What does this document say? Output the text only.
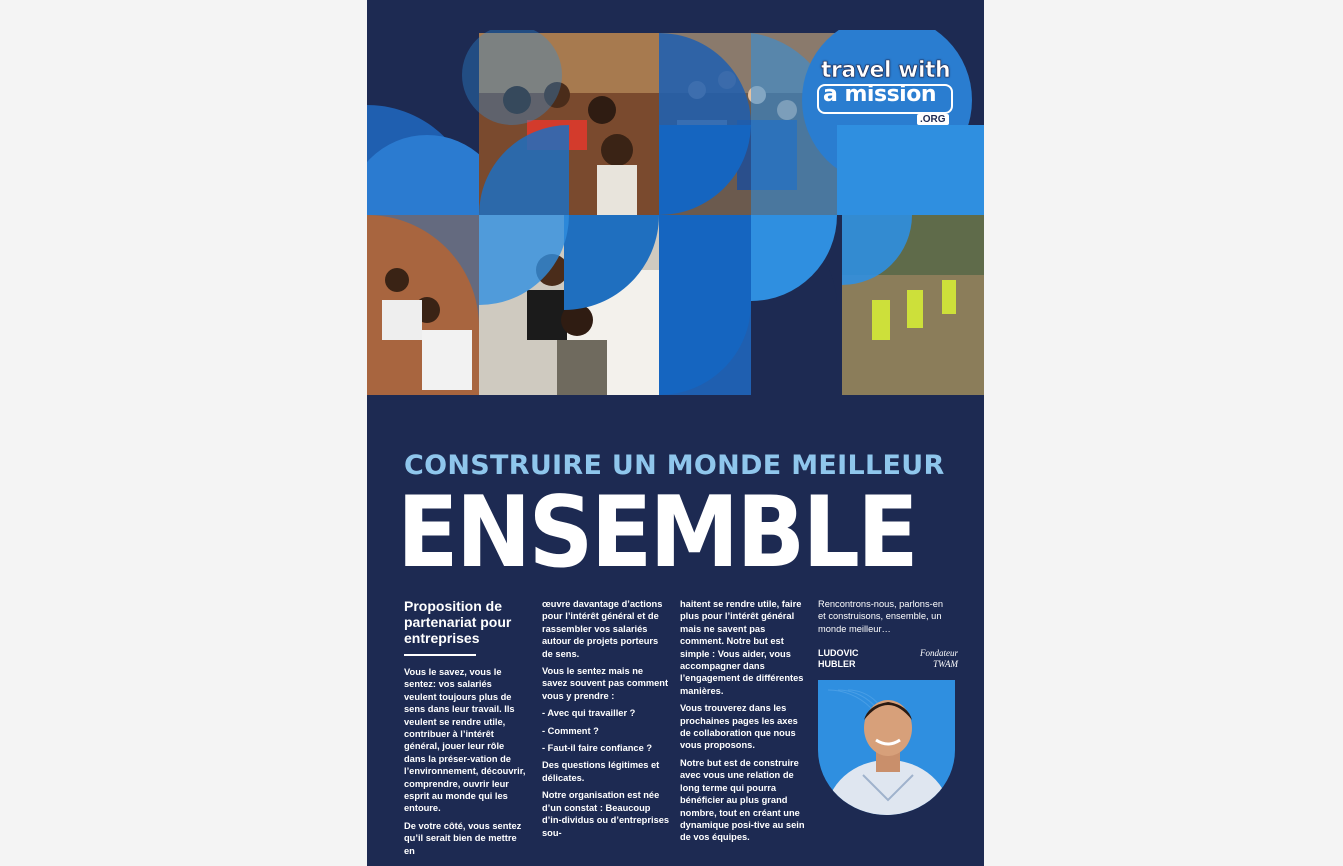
travel with
a mission
.ORG
CONSTRUIRE UN MONDE MEILLEUR
ENSEMBLE
Proposition de partenariat pour entreprises

Vous le savez, vous le sentez: vos salariés veulent toujours plus de sens dans leur travail. Ils veulent se rendre utile, contribuer à l’intérêt général, jouer leur rôle dans la préser-vation de l’environnement, découvrir, comprendre, ouvrir leur esprit au monde qui les entoure.

De votre côté, vous sentez qu’il serait bien de mettre en

œuvre davantage d’actions pour l’intérêt général et de rassembler vos salariés autour de projets porteurs de sens.

Vous le sentez mais ne savez souvent pas comment vous y prendre :

- Avec qui travailler ?

- Comment ?

- Faut-il faire confiance ?

Des questions légitimes et délicates.

Notre organisation est née d’un constat : Beaucoup d’in-dividus ou d’entreprises sou-

haitent se rendre utile, faire plus pour l’intérêt général mais ne savent pas comment. Notre but est simple : Vous aider, vous accompagner dans l’engagement de différentes manières.

Vous trouverez dans les prochaines pages les axes de collaboration que nous vous proposons.

Notre but est de construire avec vous une relation de long terme qui pourra bénéficier au plus grand nombre, tout en créant une dynamique posi-tive au sein de vos équipes.

Rencontrons-nous, parlons-en et construisons, ensemble, un monde meilleur…

LUDOVIC
HUBLER
Fondateur
TWAM
